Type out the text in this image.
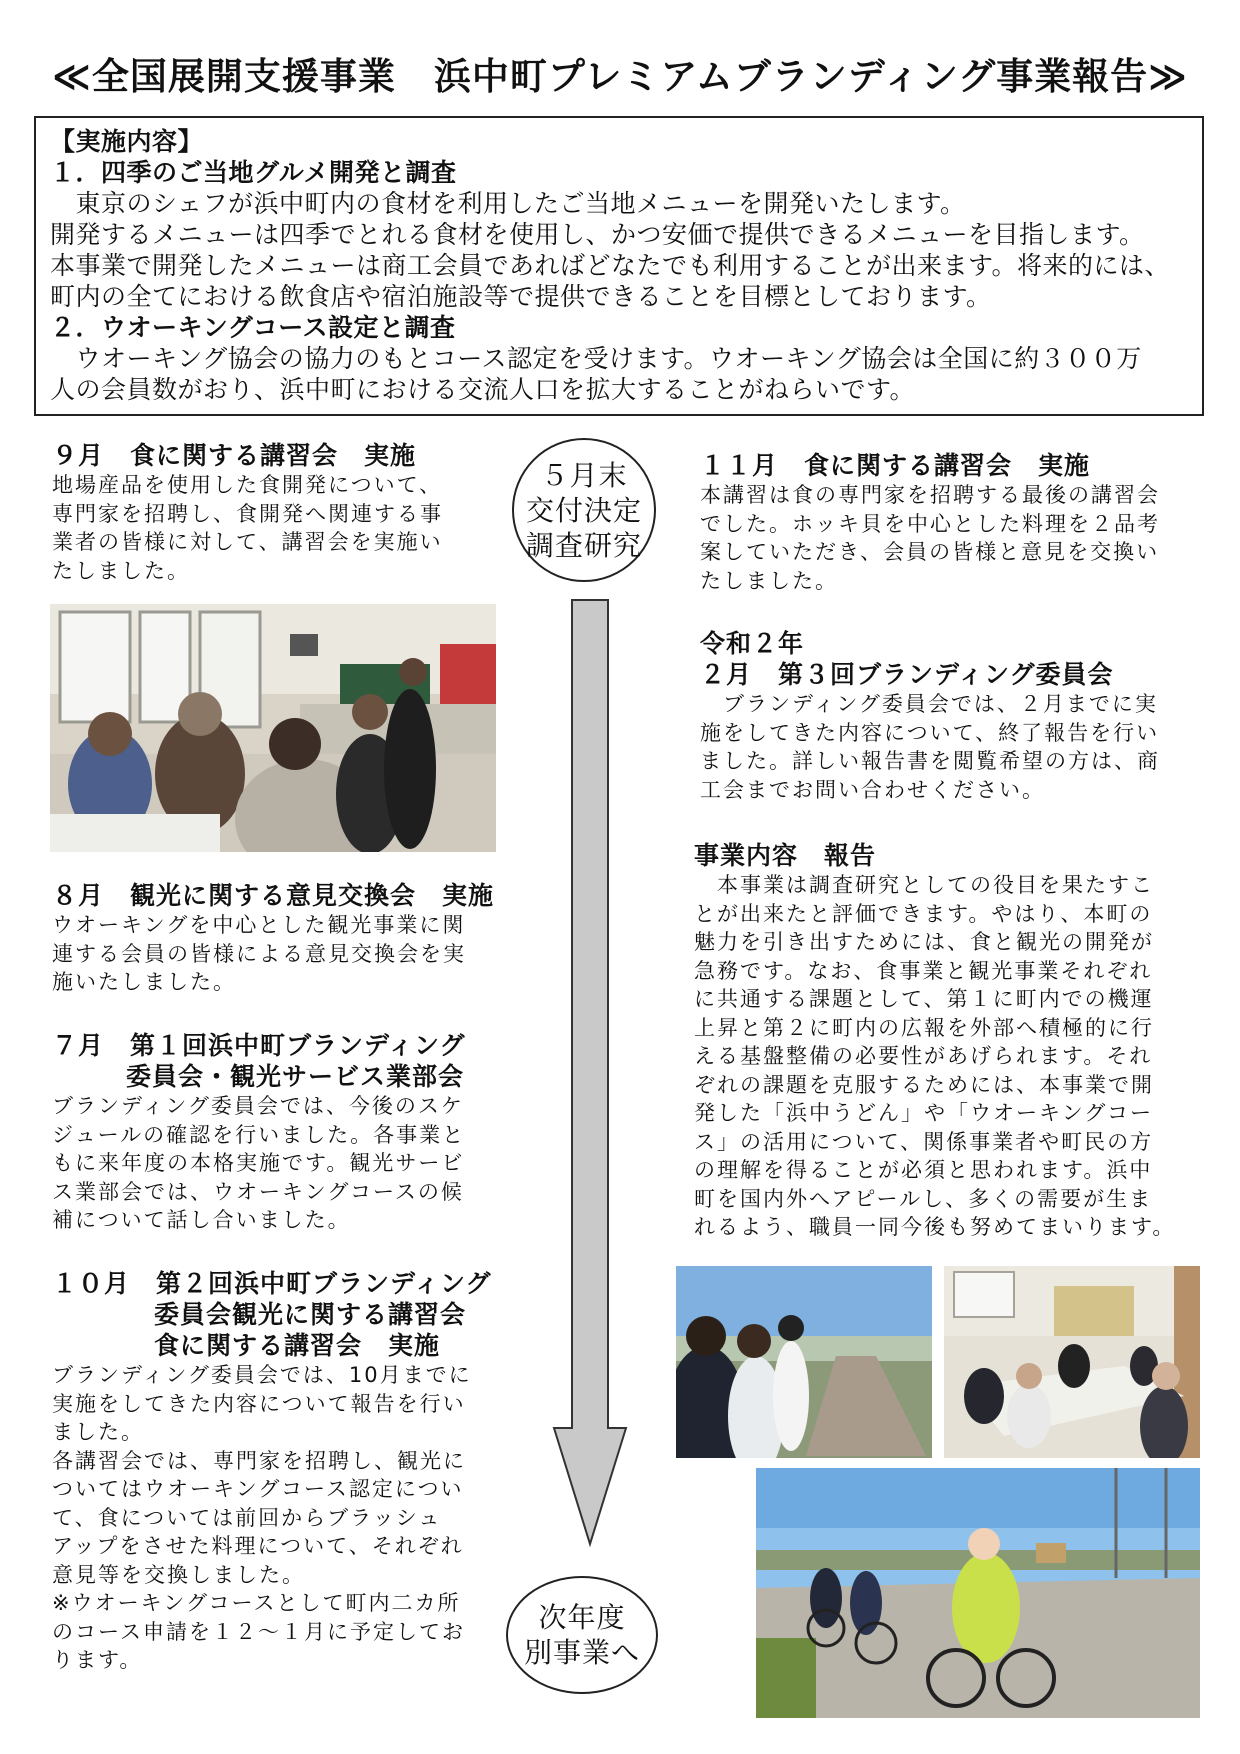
≪全国展開支援事業　浜中町プレミアムブランディング事業報告≫
【実施内容】
１．四季のご当地グルメ開発と調査
　東京のシェフが浜中町内の食材を利用したご当地メニューを開発いたします。
開発するメニューは四季でとれる食材を使用し、かつ安価で提供できるメニューを目指します。
本事業で開発したメニューは商工会員であればどなたでも利用することが出来ます。将来的には、
町内の全てにおける飲食店や宿泊施設等で提供できることを目標としております。
２．ウオーキングコース設定と調査
　ウオーキング協会の協力のもとコース認定を受けます。ウオーキング協会は全国に約３００万
人の会員数がおり、浜中町における交流人口を拡大することがねらいです。
９月　食に関する講習会　実施
地場産品を使用した食開発について、
専門家を招聘し、食開発へ関連する事
業者の皆様に対して、講習会を実施い
たしました。
８月　観光に関する意見交換会　実施
ウオーキングを中心とした観光事業に関
連する会員の皆様による意見交換会を実
施いたしました。
７月　第１回浜中町ブランディング
委員会・観光サービス業部会
ブランディング委員会では、今後のスケ
ジュールの確認を行いました。各事業と
もに来年度の本格実施です。観光サービ
ス業部会では、ウオーキングコースの候
補について話し合いました。
１０月　第２回浜中町ブランディング
委員会観光に関する講習会
食に関する講習会　実施
ブランディング委員会では、10月までに
実施をしてきた内容について報告を行い
ました。
各講習会では、専門家を招聘し、観光に
ついてはウオーキングコース認定につい
て、食については前回からブラッシュ
アップをさせた料理について、それぞれ
意見等を交換しました。
※ウオーキングコースとして町内二カ所
のコース申請を１２～１月に予定してお
ります。
５月末
交付決定
調査研究
次年度
別事業へ
１１月　食に関する講習会　実施
本講習は食の専門家を招聘する最後の講習会
でした。ホッキ貝を中心とした料理を２品考
案していただき、会員の皆様と意見を交換い
たしました。
令和２年
２月　第３回ブランディング委員会
　ブランディング委員会では、２月までに実
施をしてきた内容について、終了報告を行い
ました。詳しい報告書を閲覧希望の方は、商
工会までお問い合わせください。
事業内容　報告
　本事業は調査研究としての役目を果たすこ
とが出来たと評価できます。やはり、本町の
魅力を引き出すためには、食と観光の開発が
急務です。なお、食事業と観光事業それぞれ
に共通する課題として、第１に町内での機運
上昇と第２に町内の広報を外部へ積極的に行
える基盤整備の必要性があげられます。それ
ぞれの課題を克服するためには、本事業で開
発した「浜中うどん」や「ウオーキングコー
ス」の活用について、関係事業者や町民の方
の理解を得ることが必須と思われます。浜中
町を国内外へアピールし、多くの需要が生ま
れるよう、職員一同今後も努めてまいります。
